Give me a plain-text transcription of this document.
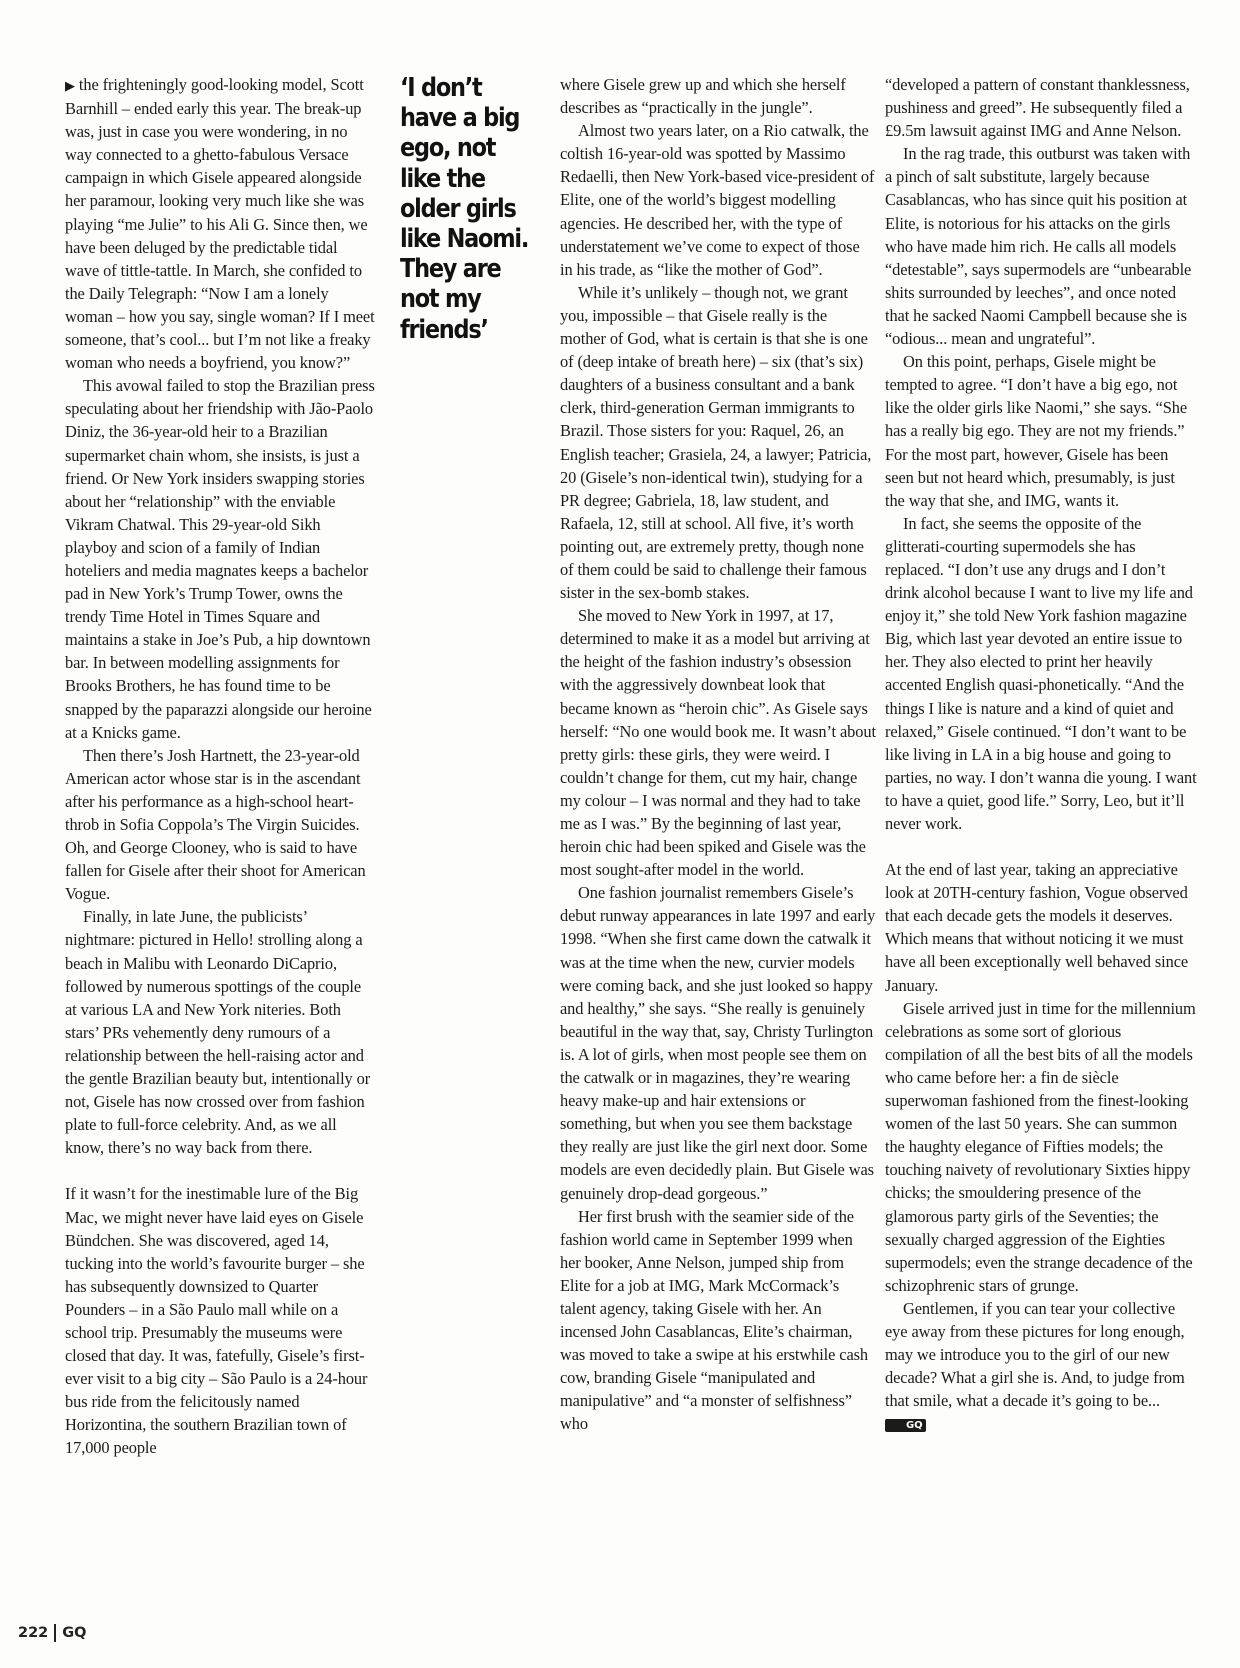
▶ the frighteningly good-looking model, Scott Barnhill – ended early this year. The break-up was, just in case you were wondering, in no way connected to a ghetto-fabulous Versace campaign in which Gisele appeared alongside her paramour, looking very much like she was playing “me Julie” to his Ali G. Since then, we have been deluged by the predictable tidal wave of tittle-tattle. In March, she confided to the Daily Telegraph: “Now I am a lonely woman – how you say, single woman? If I meet someone, that’s cool... but I’m not like a freaky woman who needs a boyfriend, you know?”

This avowal failed to stop the Brazilian press speculating about her friendship with Jão-Paolo Diniz, the 36-year-old heir to a Brazilian supermarket chain whom, she insists, is just a friend. Or New York insiders swapping stories about her “relationship” with the enviable Vikram Chatwal. This 29-year-old Sikh playboy and scion of a family of Indian hoteliers and media magnates keeps a bachelor pad in New York’s Trump Tower, owns the trendy Time Hotel in Times Square and maintains a stake in Joe’s Pub, a hip downtown bar. In between modelling assignments for Brooks Brothers, he has found time to be snapped by the paparazzi alongside our heroine at a Knicks game.

Then there’s Josh Hartnett, the 23-year-old American actor whose star is in the ascendant after his performance as a high-school heart-throb in Sofia Coppola’s The Virgin Suicides. Oh, and George Clooney, who is said to have fallen for Gisele after their shoot for American Vogue.

Finally, in late June, the publicists’ nightmare: pictured in Hello! strolling along a beach in Malibu with Leonardo DiCaprio, followed by numerous spottings of the couple at various LA and New York niteries. Both stars’ PRs vehemently deny rumours of a relationship between the hell-raising actor and the gentle Brazilian beauty but, intentionally or not, Gisele has now crossed over from fashion plate to full-force celebrity. And, as we all know, there’s no way back from there.

If it wasn’t for the inestimable lure of the Big Mac, we might never have laid eyes on Gisele Bündchen. She was discovered, aged 14, tucking into the world’s favourite burger – she has subsequently downsized to Quarter Pounders – in a São Paulo mall while on a school trip. Presumably the museums were closed that day. It was, fatefully, Gisele’s first-ever visit to a big city – São Paulo is a 24-hour bus ride from the felicitously named Horizontina, the southern Brazilian town of 17,000 people

‘I don’t have a big ego, not like the older girls like Naomi. They are not my friends’

where Gisele grew up and which she herself describes as “practically in the jungle”.

Almost two years later, on a Rio catwalk, the coltish 16-year-old was spotted by Massimo Redaelli, then New York-based vice-president of Elite, one of the world’s biggest modelling agencies. He described her, with the type of understatement we’ve come to expect of those in his trade, as “like the mother of God”.

While it’s unlikely – though not, we grant you, impossible – that Gisele really is the mother of God, what is certain is that she is one of (deep intake of breath here) – six (that’s six) daughters of a business consultant and a bank clerk, third-generation German immigrants to Brazil. Those sisters for you: Raquel, 26, an English teacher; Grasiela, 24, a lawyer; Patricia, 20 (Gisele’s non-identical twin), studying for a PR degree; Gabriela, 18, law student, and Rafaela, 12, still at school. All five, it’s worth pointing out, are extremely pretty, though none of them could be said to challenge their famous sister in the sex-bomb stakes.

She moved to New York in 1997, at 17, determined to make it as a model but arriving at the height of the fashion industry’s obsession with the aggressively downbeat look that became known as “heroin chic”. As Gisele says herself: “No one would book me. It wasn’t about pretty girls: these girls, they were weird. I couldn’t change for them, cut my hair, change my colour – I was normal and they had to take me as I was.” By the beginning of last year, heroin chic had been spiked and Gisele was the most sought-after model in the world.

One fashion journalist remembers Gisele’s debut runway appearances in late 1997 and early 1998. “When she first came down the catwalk it was at the time when the new, curvier models were coming back, and she just looked so happy and healthy,” she says. “She really is genuinely beautiful in the way that, say, Christy Turlington is. A lot of girls, when most people see them on the catwalk or in magazines, they’re wearing heavy make-up and hair extensions or something, but when you see them backstage they really are just like the girl next door. Some models are even decidedly plain. But Gisele was genuinely drop-dead gorgeous.”

Her first brush with the seamier side of the fashion world came in September 1999 when her booker, Anne Nelson, jumped ship from Elite for a job at IMG, Mark McCormack’s talent agency, taking Gisele with her. An incensed John Casablancas, Elite’s chairman, was moved to take a swipe at his erstwhile cash cow, branding Gisele “manipulated and manipulative” and “a monster of selfishness” who

“developed a pattern of constant thanklessness, pushiness and greed”. He subsequently filed a £9.5m lawsuit against IMG and Anne Nelson.

In the rag trade, this outburst was taken with a pinch of salt substitute, largely because Casablancas, who has since quit his position at Elite, is notorious for his attacks on the girls who have made him rich. He calls all models “detestable”, says supermodels are “unbearable shits surrounded by leeches”, and once noted that he sacked Naomi Campbell because she is “odious... mean and ungrateful”.

On this point, perhaps, Gisele might be tempted to agree. “I don’t have a big ego, not like the older girls like Naomi,” she says. “She has a really big ego. They are not my friends.” For the most part, however, Gisele has been seen but not heard which, presumably, is just the way that she, and IMG, wants it.

In fact, she seems the opposite of the glitterati-courting supermodels she has replaced. “I don’t use any drugs and I don’t drink alcohol because I want to live my life and enjoy it,” she told New York fashion magazine Big, which last year devoted an entire issue to her. They also elected to print her heavily accented English quasi-phonetically. “And the things I like is nature and a kind of quiet and relaxed,” Gisele continued. “I don’t want to be like living in LA in a big house and going to parties, no way. I don’t wanna die young. I want to have a quiet, good life.” Sorry, Leo, but it’ll never work.

At the end of last year, taking an appreciative look at 20TH-century fashion, Vogue observed that each decade gets the models it deserves. Which means that without noticing it we must have all been exceptionally well behaved since January.

Gisele arrived just in time for the millennium celebrations as some sort of glorious compilation of all the best bits of all the models who came before her: a fin de siècle superwoman fashioned from the finest-looking women of the last 50 years. She can summon the haughty elegance of Fifties models; the touching naivety of revolutionary Sixties hippy chicks; the smouldering presence of the glamorous party girls of the Seventies; the sexually charged aggression of the Eighties supermodels; even the strange decadence of the schizophrenic stars of grunge.

Gentlemen, if you can tear your collective eye away from these pictures for long enough, may we introduce you to the girl of our new decade? What a girl she is. And, to judge from that smile, what a decade it’s going to be...GQ

222 GQ
